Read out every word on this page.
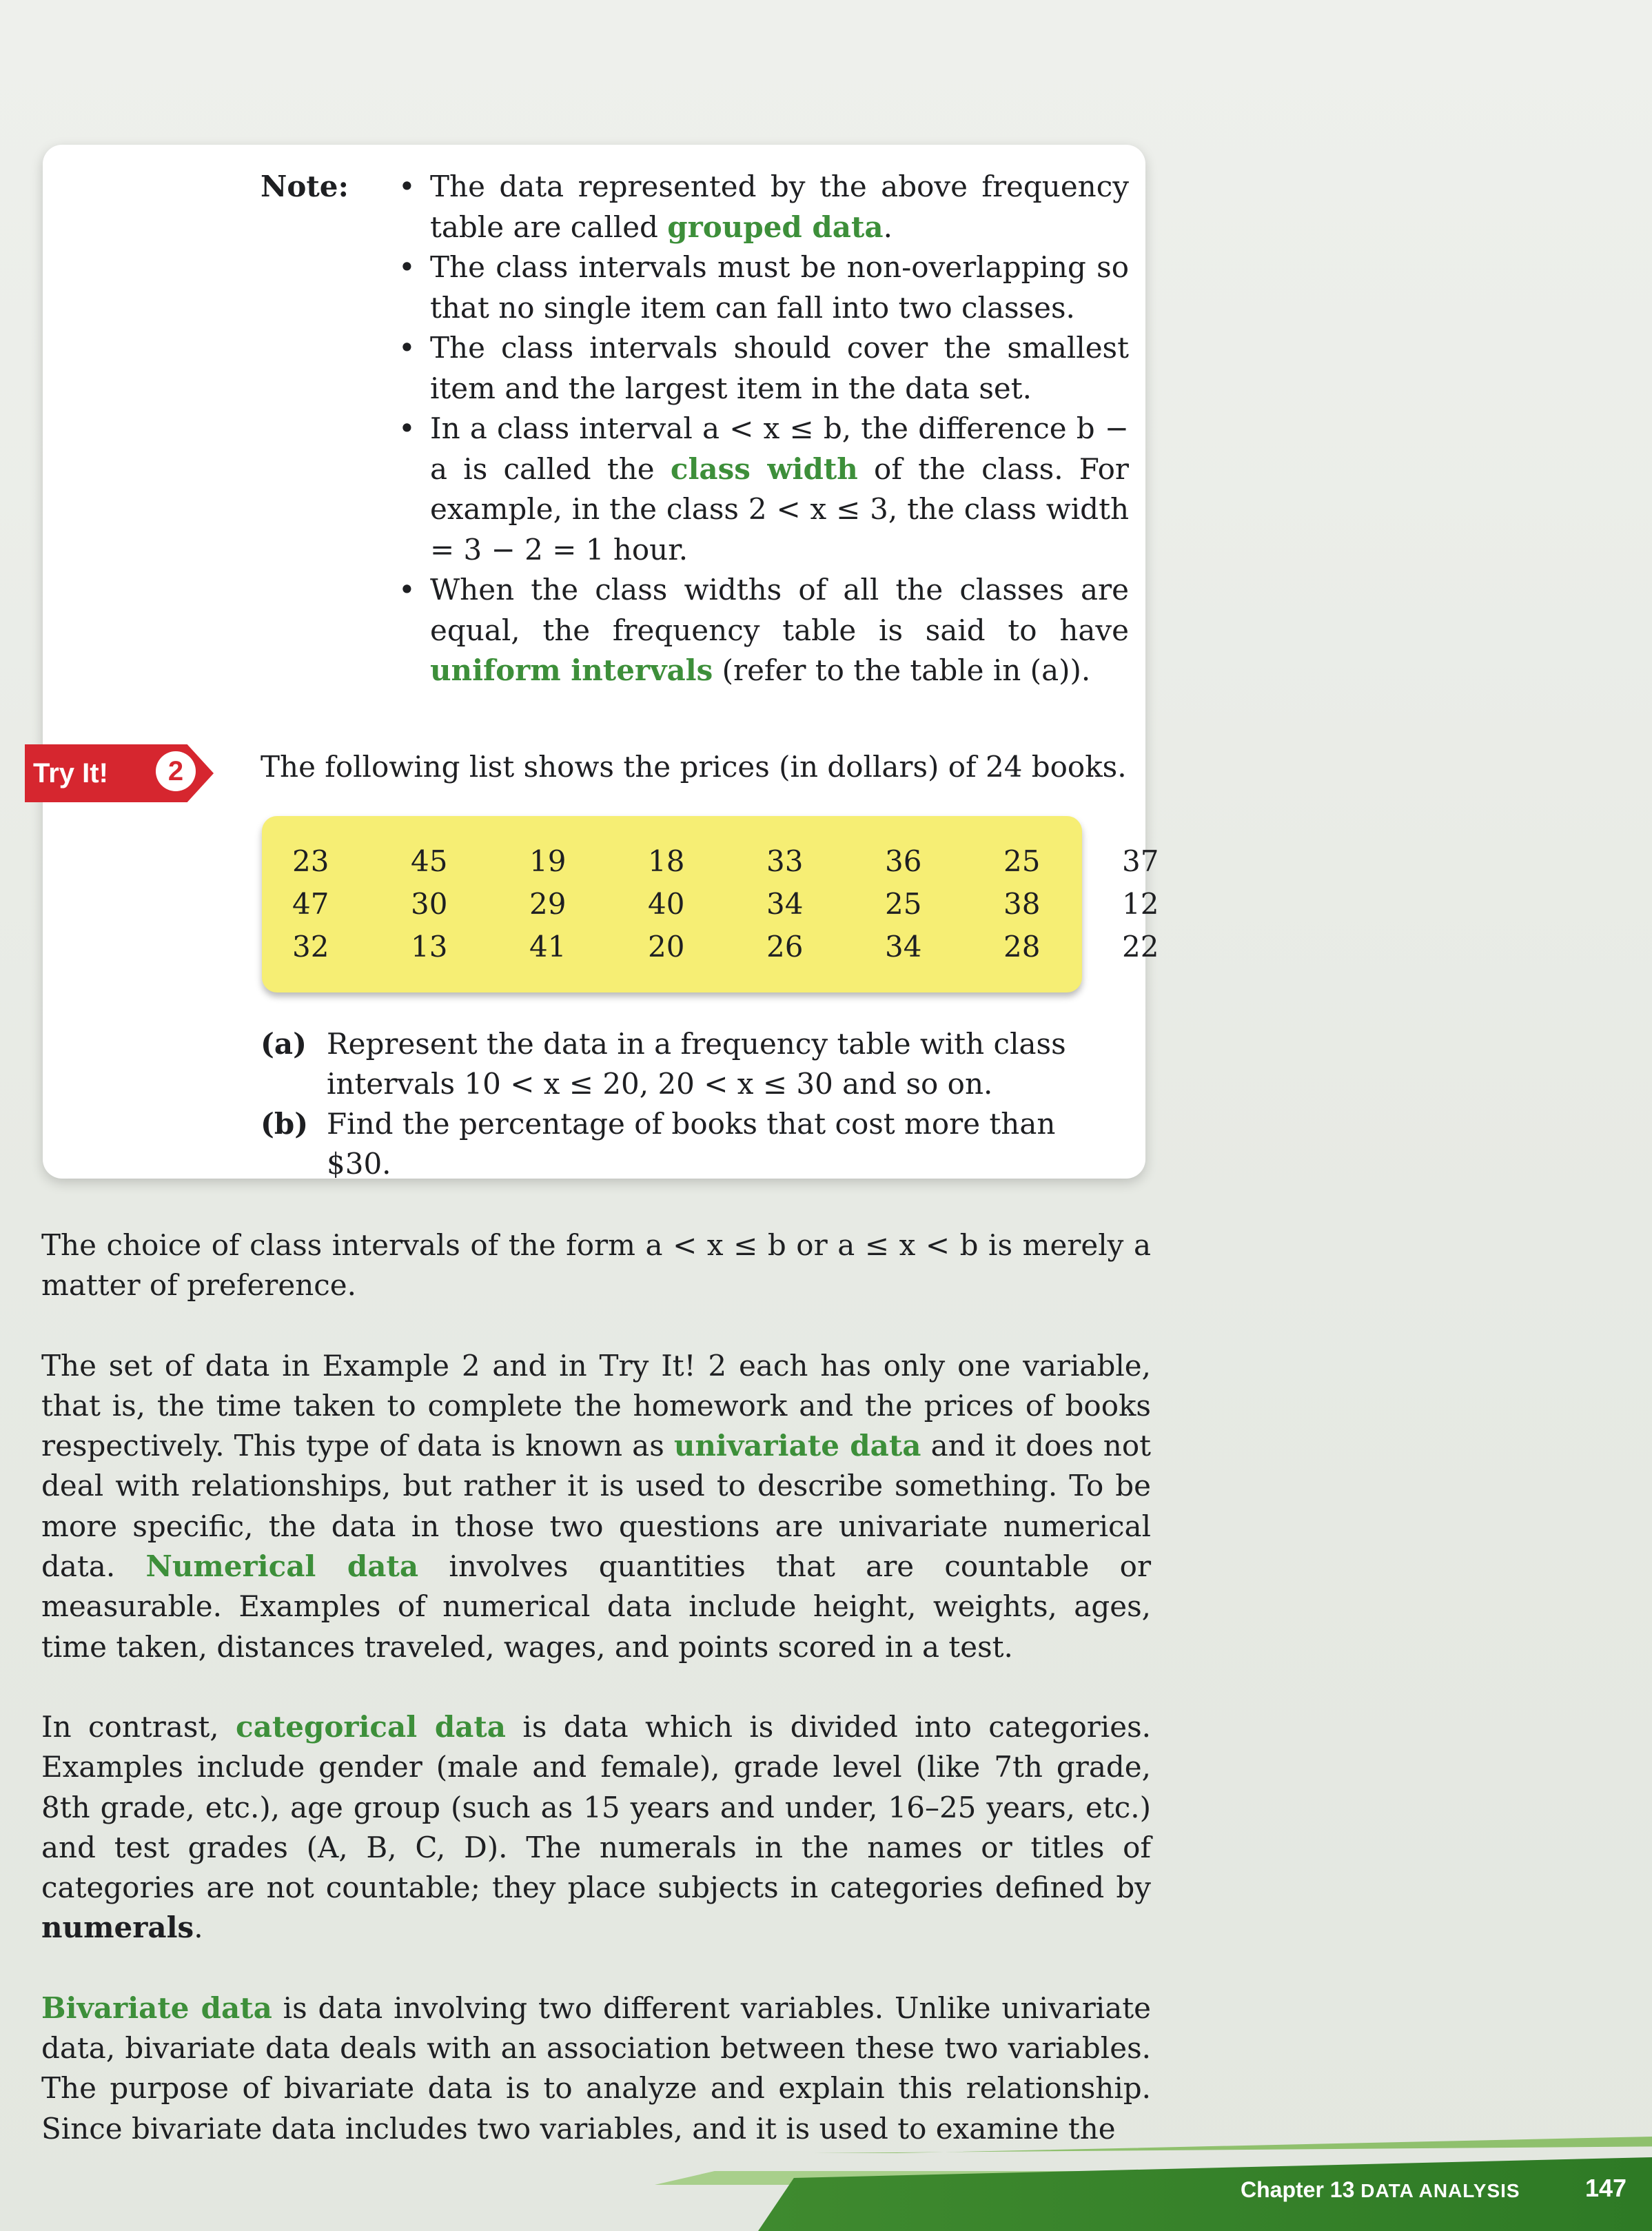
Note:	• The data represented by the above frequency table are called grouped data.
• The class intervals must be non-overlapping so that no single item can fall into two classes.
• The class intervals should cover the smallest item and the largest item in the data set.
• In a class interval a < x ≤ b, the difference b − a is called the class width of the class. For example, in the class 2 < x ≤ 3, the class width = 3 − 2 = 1 hour.
• When the class widths of all the classes are equal, the frequency table is said to have uniform intervals (refer to the table in (a)).
Try It!	2	The following list shows the prices (in dollars) of 24 books.
23	45	19	18	33	36	25	37
47	30	29	40	34	25	38	12
32	13	41	20	26	34	28	22
(a) Represent the data in a frequency table with class intervals 10 < x ≤ 20, 20 < x ≤ 30 and so on.
(b) Find the percentage of books that cost more than $30.

The choice of class intervals of the form a < x ≤ b or a ≤ x < b is merely a matter of preference.

The set of data in Example 2 and in Try It! 2 each has only one variable, that is, the time taken to complete the homework and the prices of books respectively. This type of data is known as univariate data and it does not deal with relationships, but rather it is used to describe something. To be more specific, the data in those two questions are univariate numerical data. Numerical data involves quantities that are countable or measurable. Examples of numerical data include height, weights, ages, time taken, distances traveled, wages, and points scored in a test.

In contrast, categorical data is data which is divided into categories. Examples include gender (male and female), grade level (like 7th grade, 8th grade, etc.), age group (such as 15 years and under, 16–25 years, etc.) and test grades (A, B, C, D). The numerals in the names or titles of categories are not countable; they place subjects in categories defined by numerals.

Bivariate data is data involving two different variables. Unlike univariate data, bivariate data deals with an association between these two variables. The purpose of bivariate data is to analyze and explain this relationship. Since bivariate data includes two variables, and it is used to examine the

Chapter 13 DATA ANALYSIS	147
